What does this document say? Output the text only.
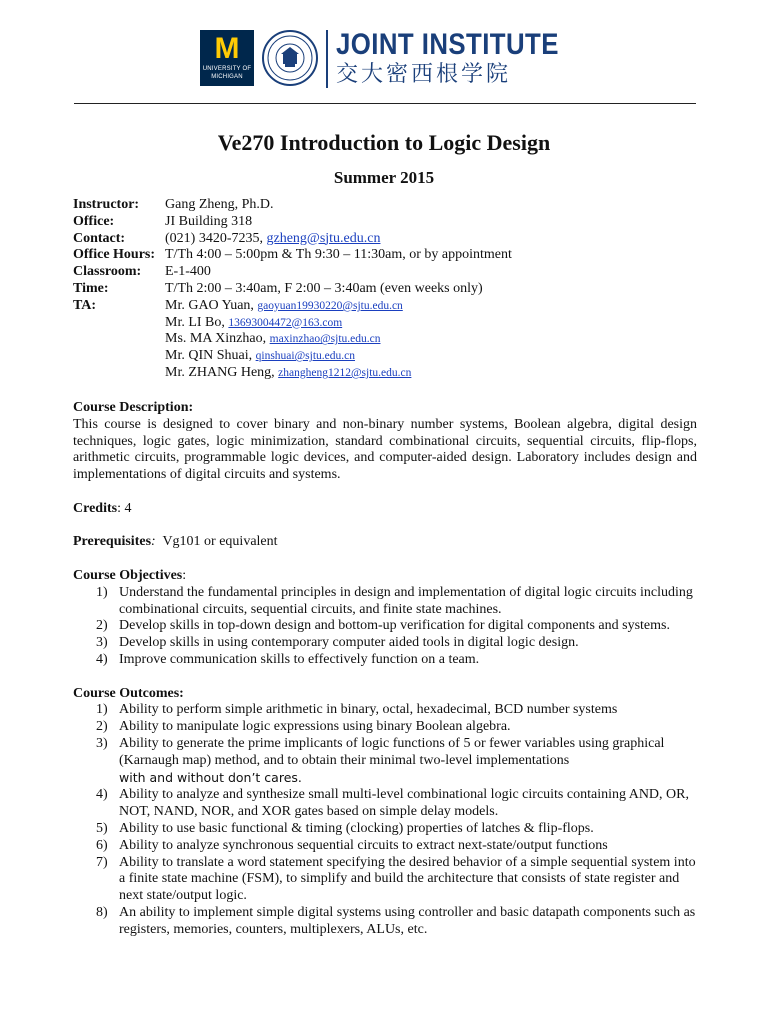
M
UNIVERSITY OF
MICHIGAN
JOINT INSTITUTE
交大密西根学院
Ve270 Introduction to Logic Design
Summer 2015
Instructor: Gang Zheng, Ph.D.
Office:	JI Building 318
Contact:	(021) 3420-7235, gzheng@sjtu.edu.cn
Office Hours: T/Th 4:00 – 5:00pm & Th 9:30 – 11:30am, or by appointment
Classroom: E-1-400
Time:	T/Th 2:00 – 3:40am, F 2:00 – 3:40am (even weeks only)
TA:	Mr. GAO Yuan, gaoyuan19930220@sjtu.edu.cn
Mr. LI Bo, 13693004472@163.com
Ms. MA Xinzhao, maxinzhao@sjtu.edu.cn
Mr. QIN Shuai, qinshuai@sjtu.edu.cn
Mr. ZHANG Heng, zhangheng1212@sjtu.edu.cn

Course Description:

This course is designed to cover binary and non-binary number systems, Boolean algebra, digital design techniques, logic gates, logic minimization, standard combinational circuits, sequential circuits, flip-flops, arithmetic circuits, programmable logic devices, and computer-aided design. Laboratory includes design and implementations of digital circuits and systems.

Credits: 4

Prerequisites:  Vg101 or equivalent

Course Objectives:

1) Understand the fundamental principles in design and implementation of digital logic circuits including combinational circuits, sequential circuits, and finite state machines.
2) Develop skills in top-down design and bottom-up verification for digital components and systems.
3) Develop skills in using contemporary computer aided tools in digital logic design.
4) Improve communication skills to effectively function on a team.

Course Outcomes:

1) Ability to perform simple arithmetic in binary, octal, hexadecimal, BCD number systems
2) Ability to manipulate logic expressions using binary Boolean algebra.
3) Ability to generate the prime implicants of logic functions of 5 or fewer variables using graphical (Karnaugh map) method, and to obtain their minimal two-level implementations
with and without don’t cares.
4) Ability to analyze and synthesize small multi-level combinational logic circuits containing AND, OR, NOT, NAND, NOR, and XOR gates based on simple delay models.
5) Ability to use basic functional & timing (clocking) properties of latches & flip-flops.
6) Ability to analyze synchronous sequential circuits to extract next-state/output functions
7) Ability to translate a word statement specifying the desired behavior of a simple sequential system into a finite state machine (FSM), to simplify and build the architecture that consists of state register and next state/output logic.
8) An ability to implement simple digital systems using controller and basic datapath components such as registers, memories, counters, multiplexers, ALUs, etc.
